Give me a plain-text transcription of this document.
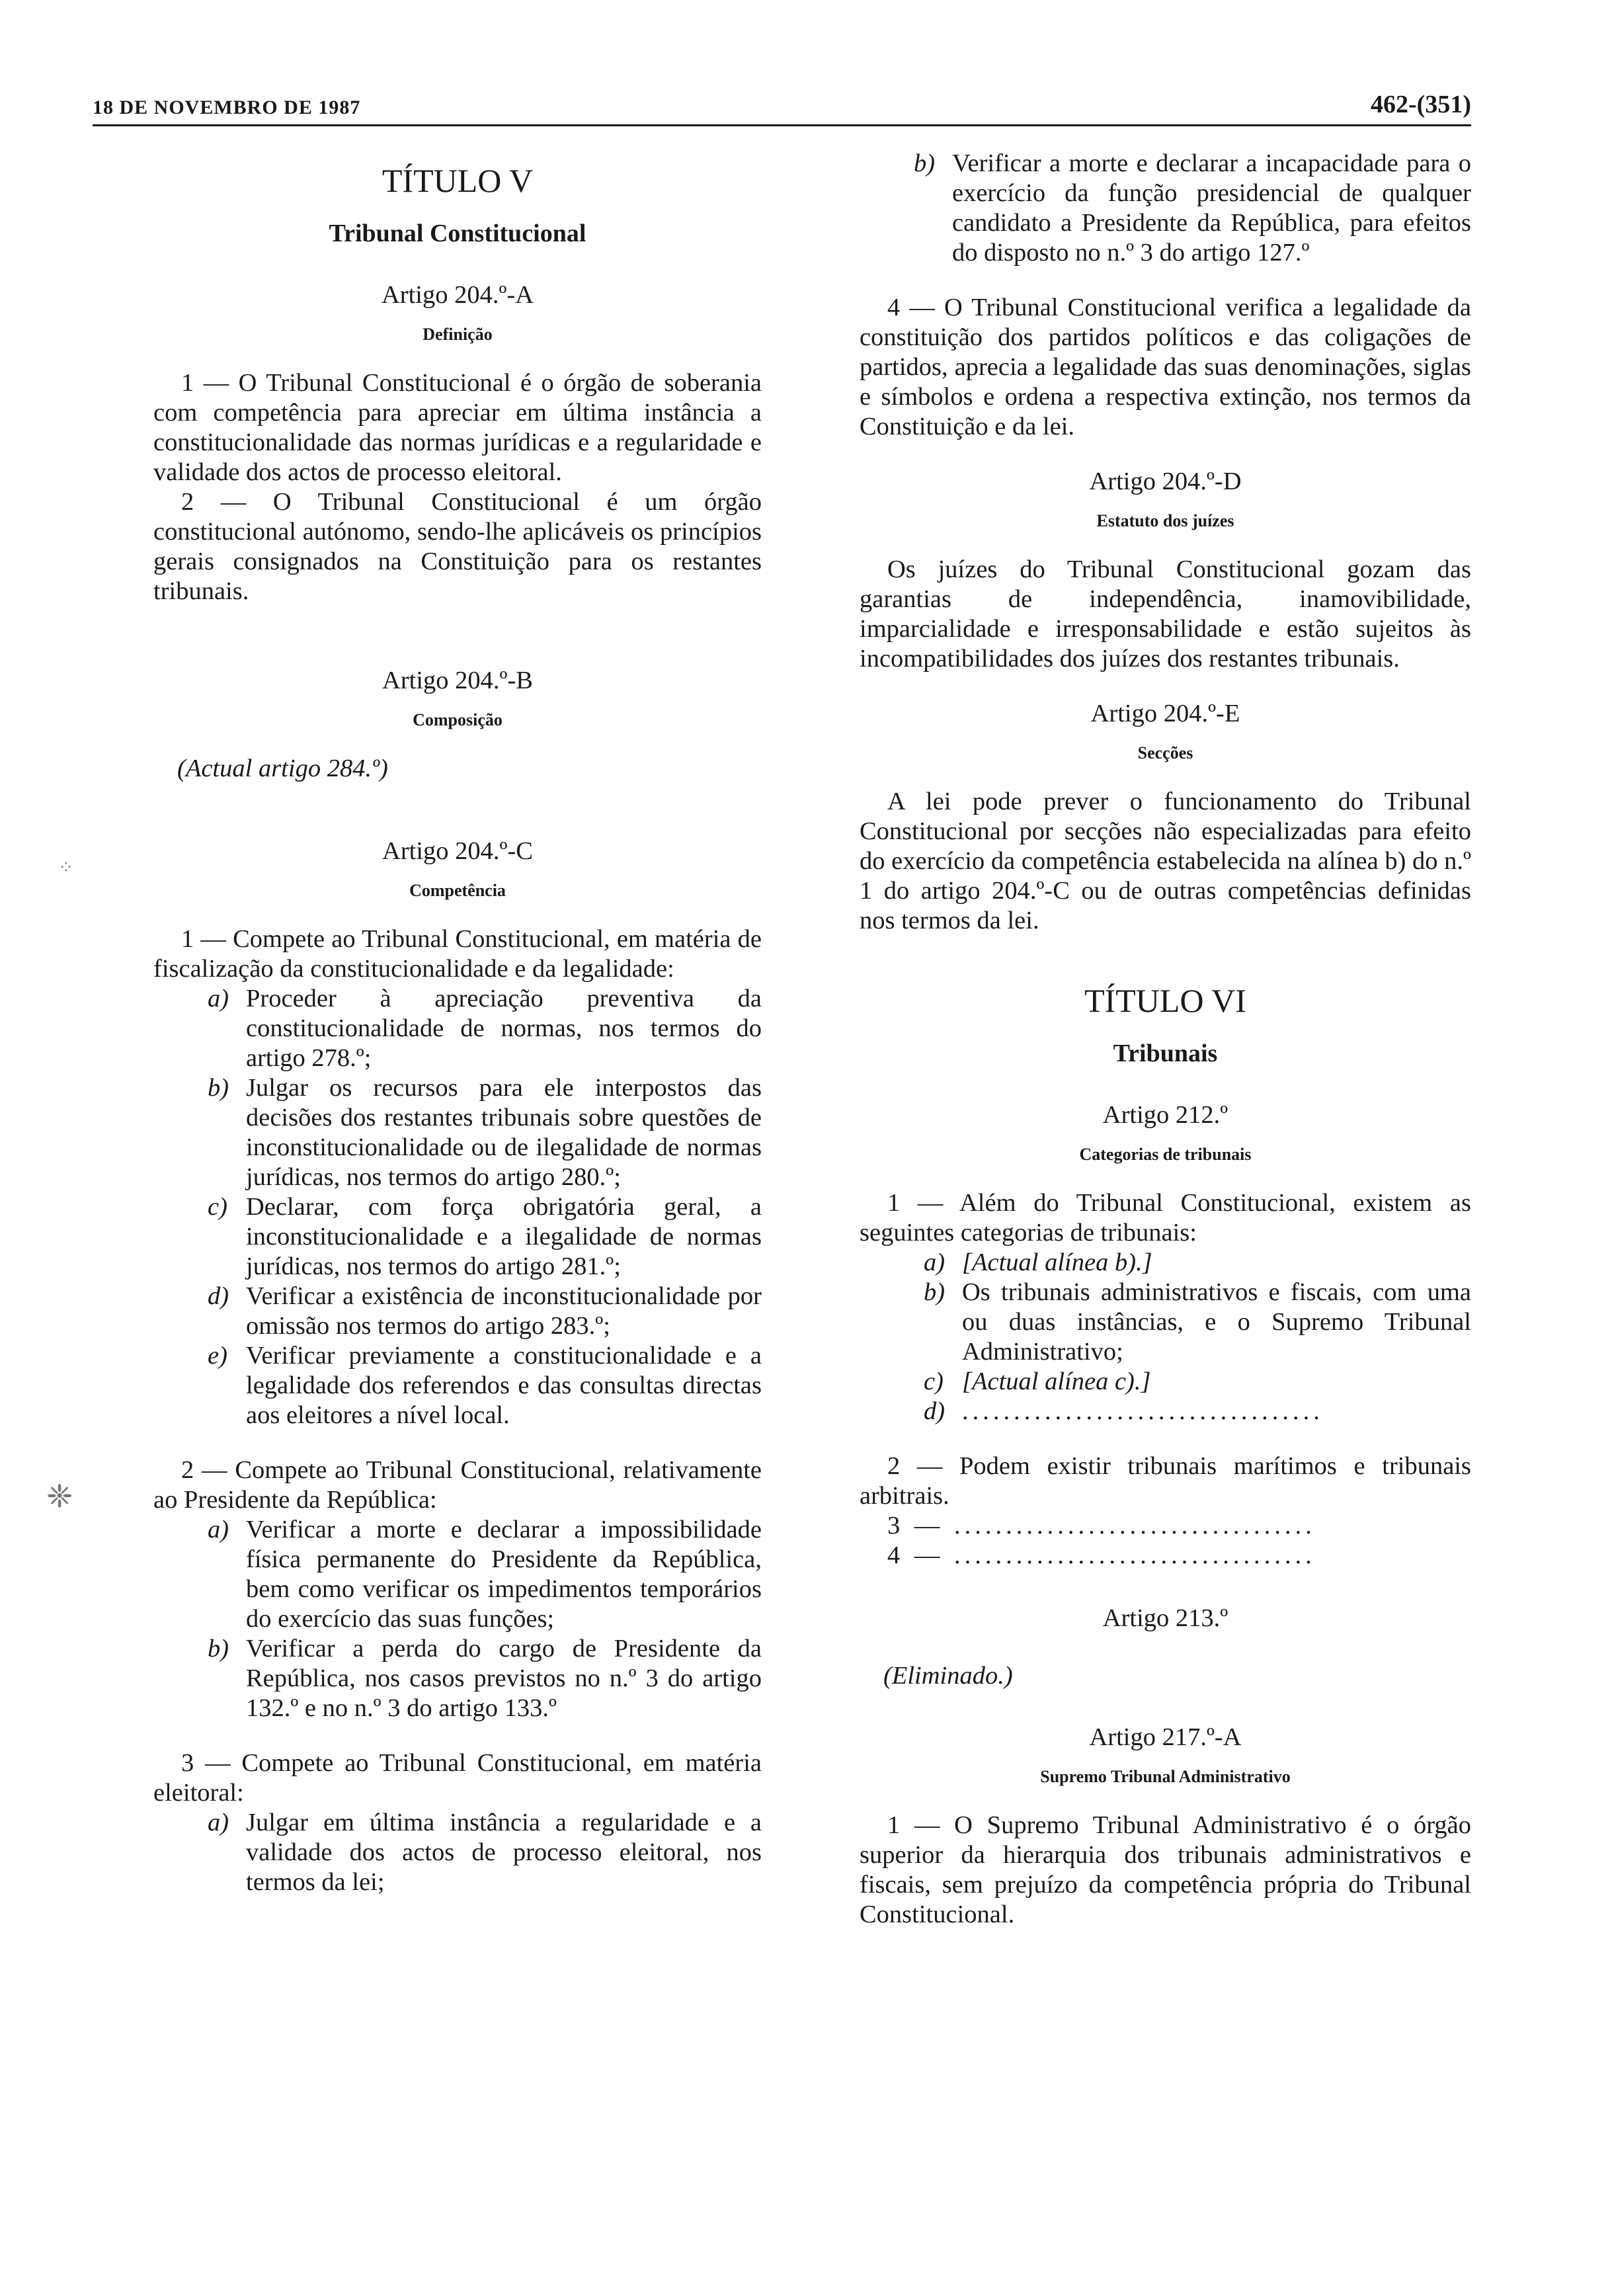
18 DE NOVEMBRO DE 1987	462-(351)
TÍTULO V
Tribunal Constitucional
Artigo 204.º-A
Definição

1 — O Tribunal Constitucional é o órgão de soberania com competência para apreciar em última instância a constitucionalidade das normas jurídicas e a regularidade e validade dos actos de processo eleitoral.

2 — O Tribunal Constitucional é um órgão constitucional autónomo, sendo-lhe aplicáveis os princípios gerais consignados na Constituição para os restantes tribunais.

Artigo 204.º-B
Composição

(Actual artigo 284.º)

Artigo 204.º-C
Competência

1 — Compete ao Tribunal Constitucional, em matéria de fiscalização da constitucionalidade e da legalidade:

a) Proceder à apreciação preventiva da constitucionalidade de normas, nos termos do artigo 278.º;
b) Julgar os recursos para ele interpostos das decisões dos restantes tribunais sobre questões de inconstitucionalidade ou de ilegalidade de normas jurídicas, nos termos do artigo 280.º;
c) Declarar, com força obrigatória geral, a inconstitucionalidade e a ilegalidade de normas jurídicas, nos termos do artigo 281.º;
d) Verificar a existência de inconstitucionalidade por omissão nos termos do artigo 283.º;
e) Verificar previamente a constitucionalidade e a legalidade dos referendos e das consultas directas aos eleitores a nível local.

2 — Compete ao Tribunal Constitucional, relativamente ao Presidente da República:

a) Verificar a morte e declarar a impossibilidade física permanente do Presidente da República, bem como verificar os impedimentos temporários do exercício das suas funções;
b) Verificar a perda do cargo de Presidente da República, nos casos previstos no n.º 3 do artigo 132.º e no n.º 3 do artigo 133.º

3 — Compete ao Tribunal Constitucional, em matéria eleitoral:

a) Julgar em última instância a regularidade e a validade dos actos de processo eleitoral, nos termos da lei;
b) Verificar a morte e declarar a incapacidade para o exercício da função presidencial de qualquer candidato a Presidente da República, para efeitos do disposto no n.º 3 do artigo 127.º

4 — O Tribunal Constitucional verifica a legalidade da constituição dos partidos políticos e das coligações de partidos, aprecia a legalidade das suas denominações, siglas e símbolos e ordena a respectiva extinção, nos termos da Constituição e da lei.

Artigo 204.º-D
Estatuto dos juízes

Os juízes do Tribunal Constitucional gozam das garantias de independência, inamovibilidade, imparcialidade e irresponsabilidade e estão sujeitos às incompatibilidades dos juízes dos restantes tribunais.

Artigo 204.º-E
Secções

A lei pode prever o funcionamento do Tribunal Constitucional por secções não especializadas para efeito do exercício da competência estabelecida na alínea b) do n.º 1 do artigo 204.º-C ou de outras competências definidas nos termos da lei.

TÍTULO VI
Tribunais
Artigo 212.º
Categorias de tribunais

1 — Além do Tribunal Constitucional, existem as seguintes categorias de tribunais:

a) [Actual alínea b).]
b) Os tribunais administrativos e fiscais, com uma ou duas instâncias, e o Supremo Tribunal Administrativo;
c) [Actual alínea c).]
d) ...................................

2 — Podem existir tribunais marítimos e tribunais arbitrais.

3 — ...................................

4 — ...................................

Artigo 213.º

(Eliminado.)

Artigo 217.º-A
Supremo Tribunal Administrativo

1 — O Supremo Tribunal Administrativo é o órgão superior da hierarquia dos tribunais administrativos e fiscais, sem prejuízo da competência própria do Tribunal Constitucional.

⁘
❈
